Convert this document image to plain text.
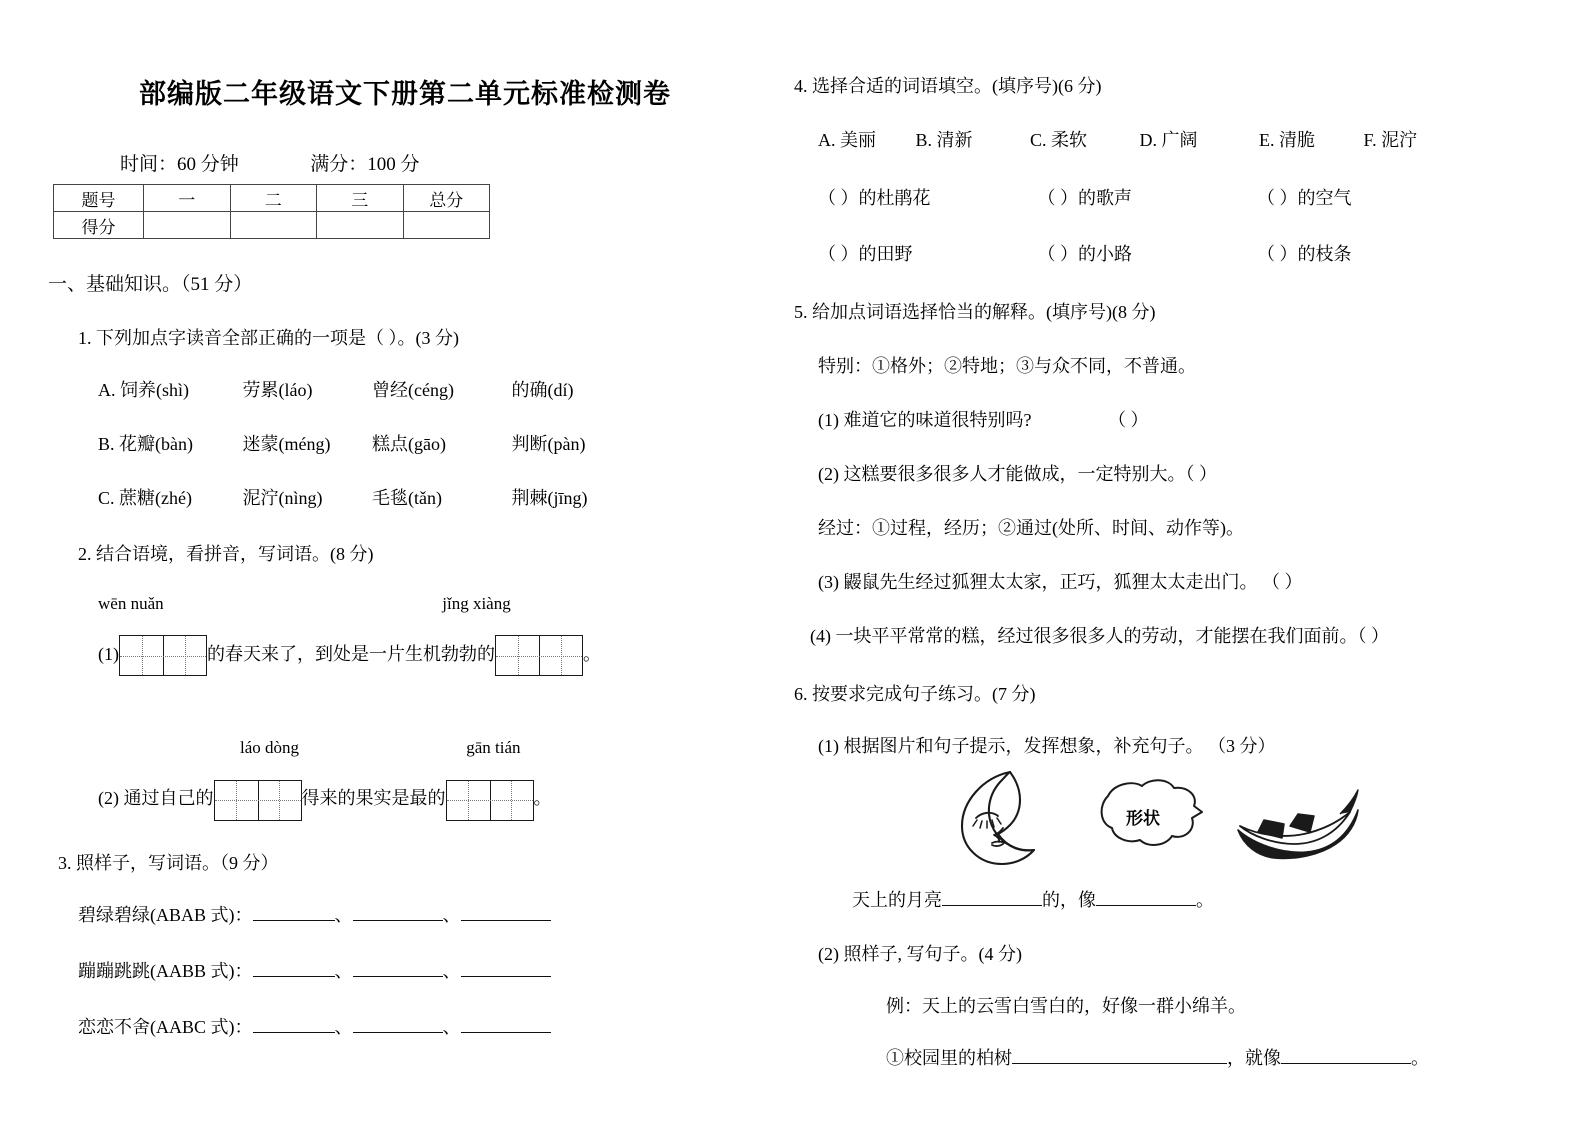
部编版二年级语文下册第二单元标准检测卷
时间：60 分钟	满分：100 分
题号	一	二	三	总分
得分				
一、基础知识。（51 分）
1. 下列加点字读音全部正确的一项是（ ）。(3 分)
A. 饲养(shì)	劳累(láo)	曾经(céng)	的确(dí)
B. 花瓣(bàn)	迷蒙(méng) 糕点(gāo)	判断(pàn)
C. 蔗糖(zhé)	泥泞(nìng)	毛毯(tǎn)	荆棘(jīng)
2. 结合语境，看拼音，写词语。(8 分)
wēn nuǎn	jǐng xiàng
(1)	的春天来了，到处是一片生机勃勃的	。
láo dòng	gān tián
(2) 通过自己的	得来的果实是最的	。
3. 照样子，写词语。（9 分）
碧绿碧绿(ABAB 式)：	、	、
蹦蹦跳跳(AABB 式)：	、	、
恋恋不舍(AABC 式)：	、	、
4. 选择合适的词语填空。(填序号)(6 分)
A. 美丽 B. 清新	C. 柔软	D. 广阔	E. 清脆	F. 泥泞
（ ）的杜鹃花	（ ）的歌声	（ ）的空气
（ ）的田野	（ ）的小路	（ ）的枝条
5. 给加点词语选择恰当的解释。(填序号)(8 分)
特别：①格外；②特地；③与众不同，不普通。
(1) 难道它的味道很特别吗?	（ ）
(2) 这糕要很多很多人才能做成，一定特别大。（ ）
经过：①过程，经历；②通过(处所、时间、动作等)。
(3) 鼹鼠先生经过狐狸太太家，正巧，狐狸太太走出门。 （ ）
(4) 一块平平常常的糕，经过很多很多人的劳动，才能摆在我们面前。（ ）
6. 按要求完成句子练习。(7 分)
(1) 根据图片和句子提示，发挥想象，补充句子。 （3 分）
形状
天上的月亮	的，像	。
(2) 照样子, 写句子。(4 分)
例：天上的云雪白雪白的，好像一群小绵羊。
①校园里的柏树	，就像	。
